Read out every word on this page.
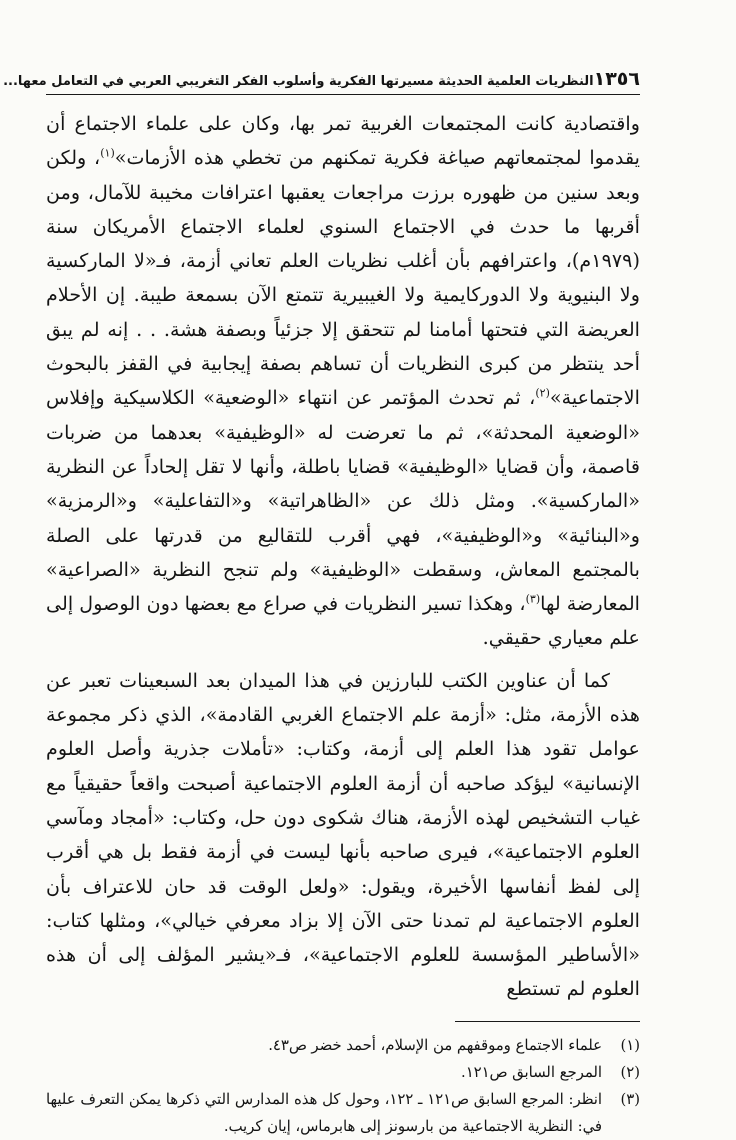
١٣٥٦
النظريات العلمية الحديثة مسيرتها الفكرية وأسلوب الفكر التغريبي العربي في التعامل معها...

واقتصادية كانت المجتمعات الغربية تمر بها، وكان على علماء الاجتماع أن يقدموا لمجتمعاتهم صياغة فكرية تمكنهم من تخطي هذه الأزمات»$^{(١)}$، ولكن وبعد سنين من ظهوره برزت مراجعات يعقبها اعترافات مخيبة للآمال، ومن أقربها ما حدث في الاجتماع السنوي لعلماء الاجتماع الأمريكان سنة (١٩٧٩م)، واعترافهم بأن أغلب نظريات العلم تعاني أزمة، فـ«لا الماركسية ولا البنيوية ولا الدوركايمية ولا الغيبيرية تتمتع الآن بسمعة طيبة. إن الأحلام العريضة التي فتحتها أمامنا لم تتحقق إلا جزئياً وبصفة هشة. . . إنه لم يبق أحد ينتظر من كبرى النظريات أن تساهم بصفة إيجابية في القفز بالبحوث الاجتماعية»$^{(٢)}$، ثم تحدث المؤتمر عن انتهاء «الوضعية» الكلاسيكية وإفلاس «الوضعية المحدثة»، ثم ما تعرضت له «الوظيفية» بعدهما من ضربات قاصمة، وأن قضايا «الوظيفية» قضايا باطلة، وأنها لا تقل إلحاداً عن النظرية «الماركسية». ومثل ذلك عن «الظاهراتية» و«التفاعلية» و«الرمزية» و«البنائية» و«الوظيفية»، فهي أقرب للتقاليع من قدرتها على الصلة بالمجتمع المعاش، وسقطت «الوظيفية» ولم تنجح النظرية «الصراعية» المعارضة لها$^{(٣)}$، وهكذا تسير النظريات في صراع مع بعضها دون الوصول إلى علم معياري حقيقي.

كما أن عناوين الكتب للبارزين في هذا الميدان بعد السبعينات تعبر عن هذه الأزمة، مثل: «أزمة علم الاجتماع الغربي القادمة»، الذي ذكر مجموعة عوامل تقود هذا العلم إلى أزمة، وكتاب: «تأملات جذرية وأصل العلوم الإنسانية» ليؤكد صاحبه أن أزمة العلوم الاجتماعية أصبحت واقعاً حقيقياً مع غياب التشخيص لهذه الأزمة، هناك شكوى دون حل، وكتاب: «أمجاد ومآسي العلوم الاجتماعية»، فيرى صاحبه بأنها ليست في أزمة فقط بل هي أقرب إلى لفظ أنفاسها الأخيرة، ويقول: «ولعل الوقت قد حان للاعتراف بأن العلوم الاجتماعية لم تمدنا حتى الآن إلا بزاد معرفي خيالي»، ومثلها كتاب: «الأساطير المؤسسة للعلوم الاجتماعية»، فـ«يشير المؤلف إلى أن هذه العلوم لم تستطع

(١)
علماء الاجتماع وموقفهم من الإسلام، أحمد خضر ص٤٣.

(٢)
المرجع السابق ص١٢١.

(٣)
انظر: المرجع السابق ص١٢١ ـ ١٢٢، وحول كل هذه المدارس التي ذكرها يمكن التعرف عليها في: النظرية الاجتماعية من بارسونز إلى هابرماس، إيان كريب.
